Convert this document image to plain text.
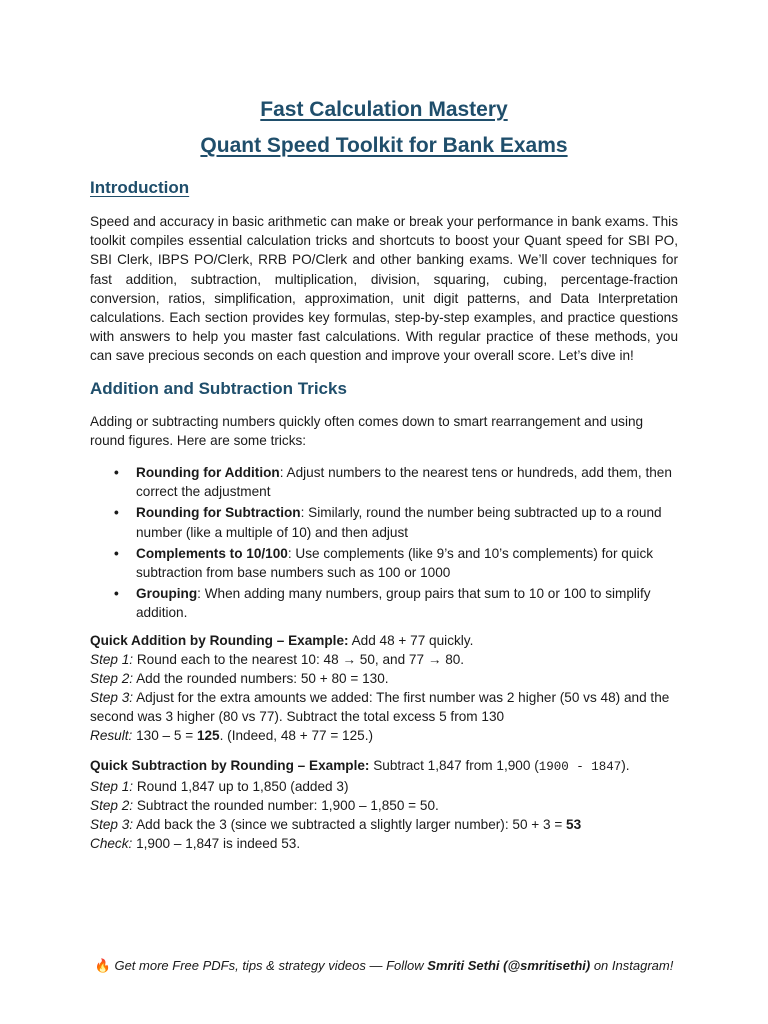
Fast Calculation Mastery
Quant Speed Toolkit for Bank Exams
Introduction

Speed and accuracy in basic arithmetic can make or break your performance in bank exams. This toolkit compiles essential calculation tricks and shortcuts to boost your Quant speed for SBI PO, SBI Clerk, IBPS PO/Clerk, RRB PO/Clerk and other banking exams. We’ll cover techniques for fast addition, subtraction, multiplication, division, squaring, cubing, percentage-fraction conversion, ratios, simplification, approximation, unit digit patterns, and Data Interpretation calculations. Each section provides key formulas, step-by-step examples, and practice questions with answers to help you master fast calculations. With regular practice of these methods, you can save precious seconds on each question and improve your overall score. Let’s dive in!

Addition and Subtraction Tricks

Adding or subtracting numbers quickly often comes down to smart rearrangement and using round figures. Here are some tricks:

• Rounding for Addition: Adjust numbers to the nearest tens or hundreds, add them, then correct the adjustment
• Rounding for Subtraction: Similarly, round the number being subtracted up to a round number (like a multiple of 10) and then adjust
• Complements to 10/100: Use complements (like 9’s and 10’s complements) for quick subtraction from base numbers such as 100 or 1000
• Grouping: When adding many numbers, group pairs that sum to 10 or 100 to simplify addition.

Quick Addition by Rounding – Example: Add 48 + 77 quickly.

Step 1: Round each to the nearest 10: 48 → 50, and 77 → 80.

Step 2: Add the rounded numbers: 50 + 80 = 130.

Step 3: Adjust for the extra amounts we added: The first number was 2 higher (50 vs 48) and the second was 3 higher (80 vs 77). Subtract the total excess 5 from 130

Result: 130 – 5 = 125. (Indeed, 48 + 77 = 125.)

Quick Subtraction by Rounding – Example: Subtract 1,847 from 1,900 (1900 - 1847).

Step 1: Round 1,847 up to 1,850 (added 3)

Step 2: Subtract the rounded number: 1,900 – 1,850 = 50.

Step 3: Add back the 3 (since we subtracted a slightly larger number): 50 + 3 = 53

Check: 1,900 – 1,847 is indeed 53.

🔥 Get more Free PDFs, tips & strategy videos — Follow Smriti Sethi (@smritisethi) on Instagram!
